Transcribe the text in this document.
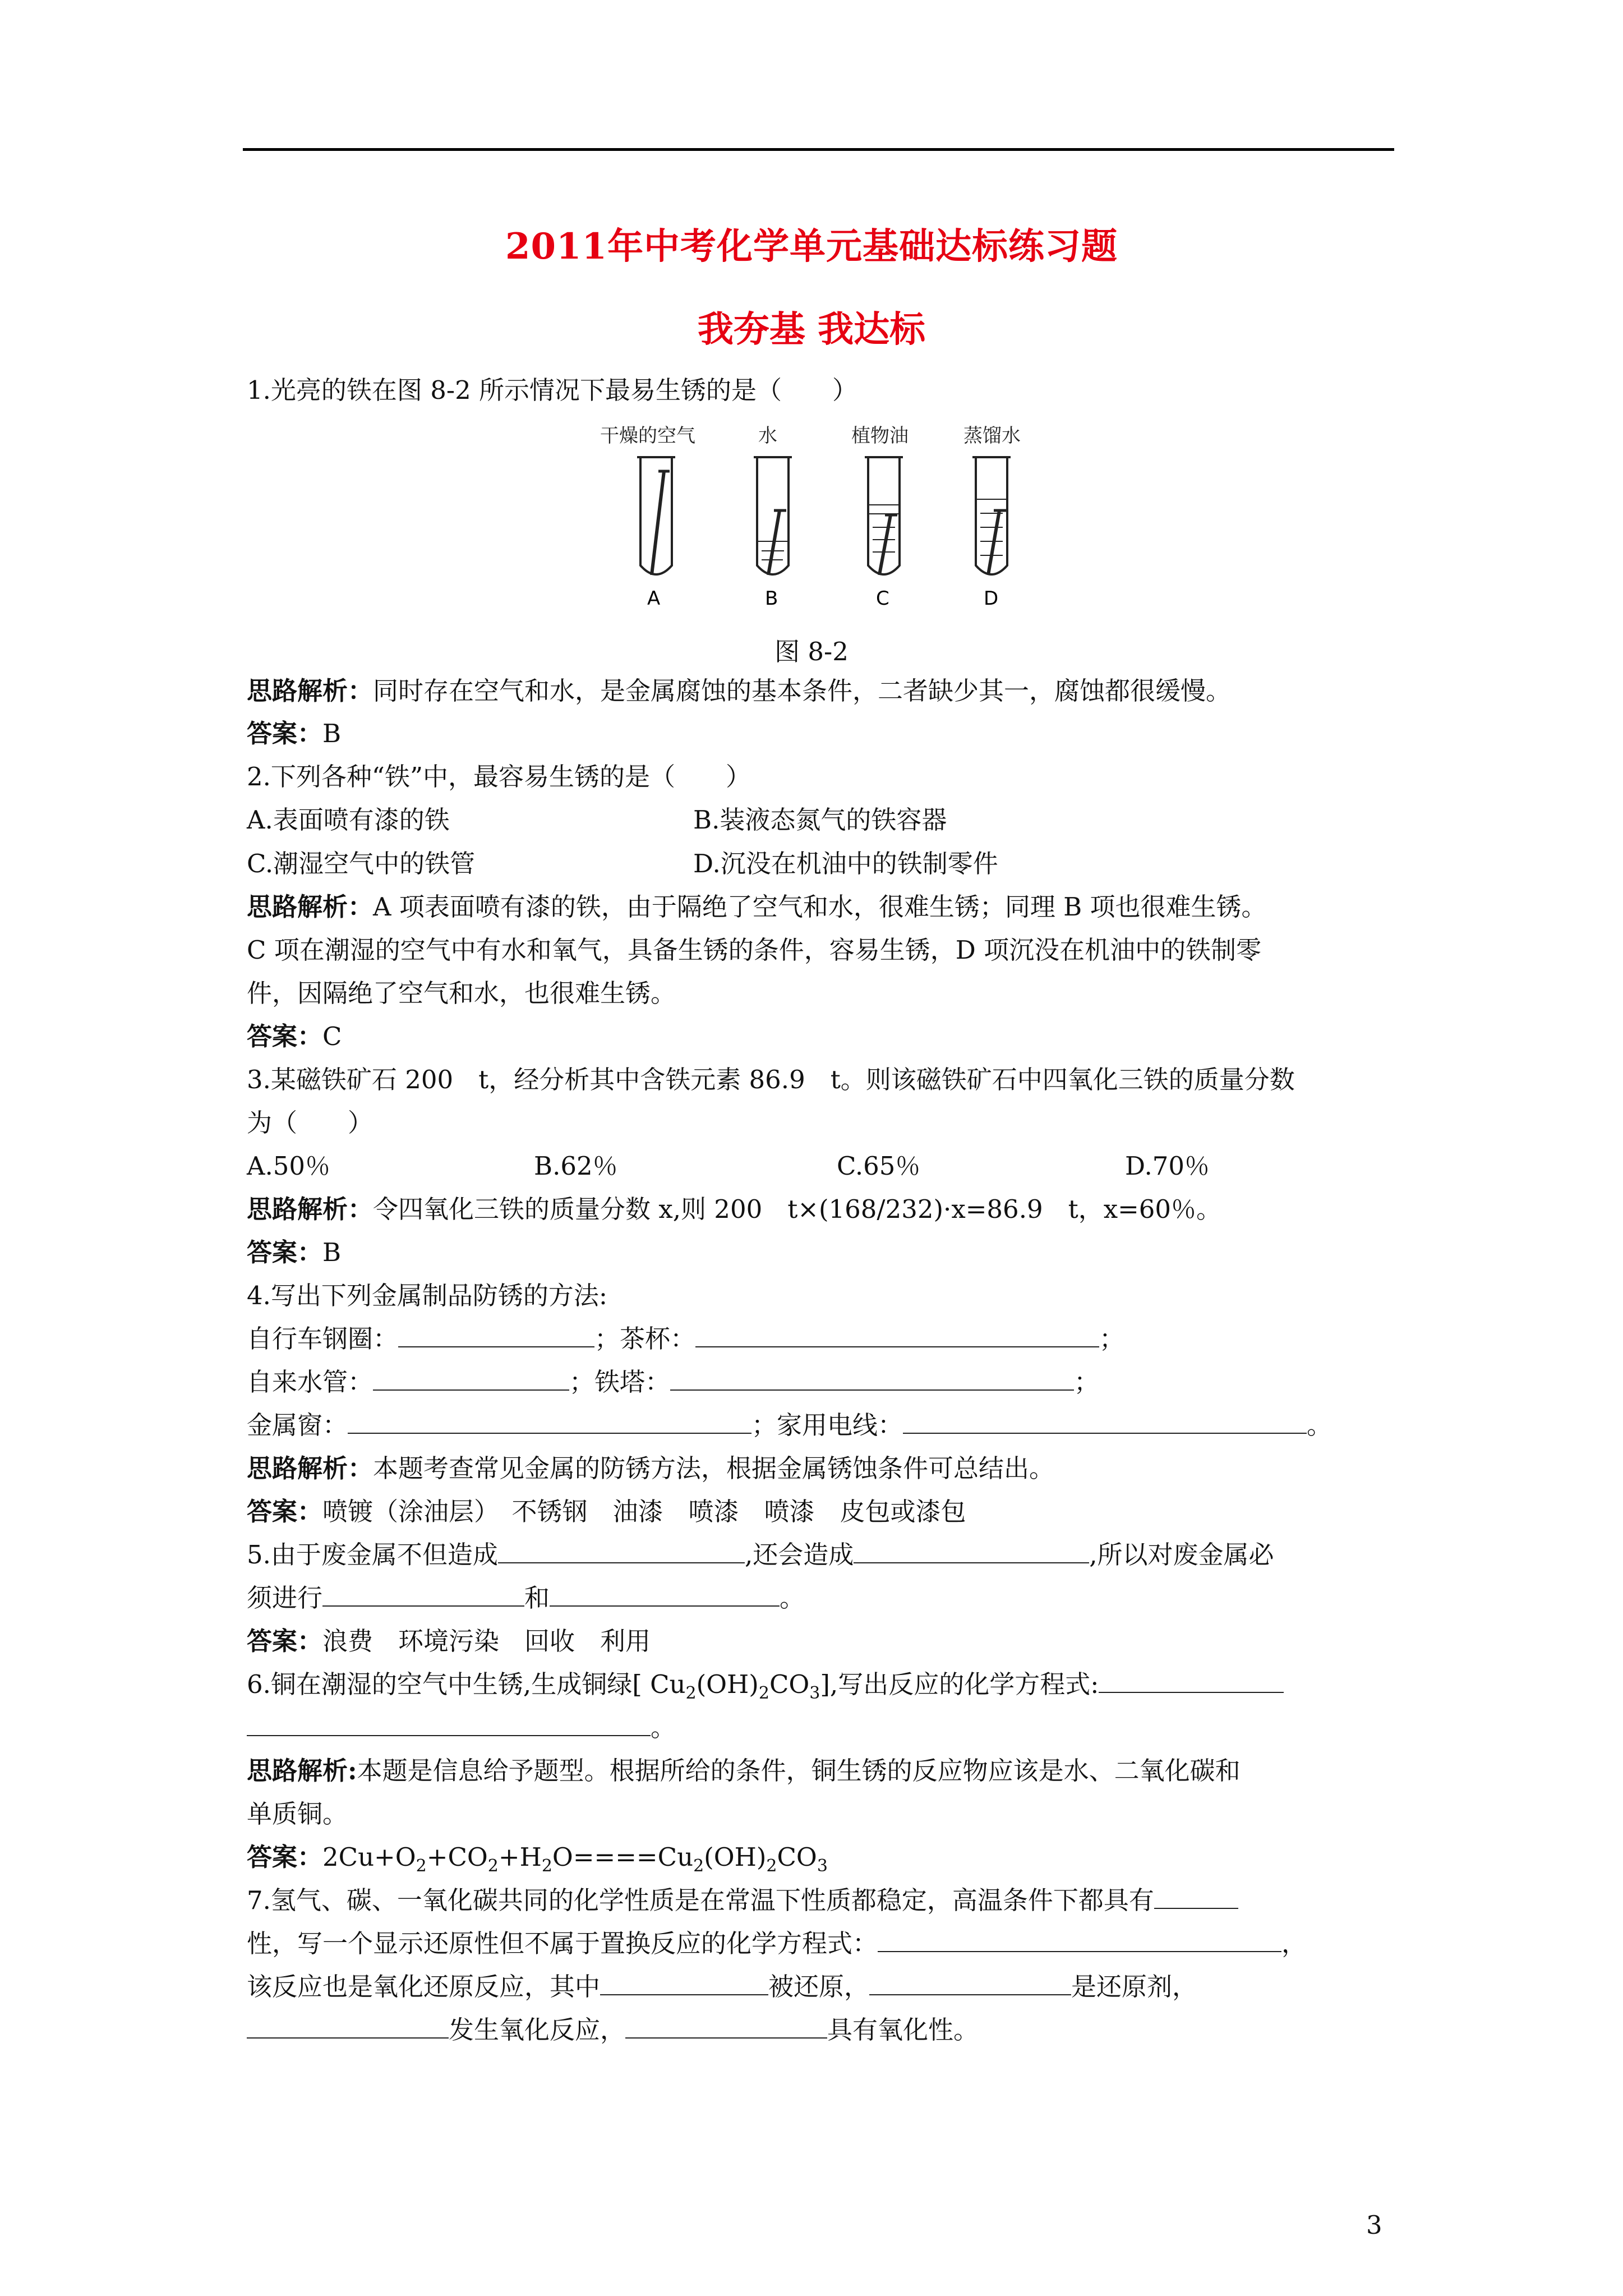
2011年中考化学单元基础达标练习题
我夯基 我达标
1.光亮的铁在图 8-2 所示情况下最易生锈的是（　　）
干燥的空气	水	植物油	蒸馏水
A	B	C	D
图 8-2
思路解析：同时存在空气和水，是金属腐蚀的基本条件，二者缺少其一，腐蚀都很缓慢。
答案：B
2.下列各种“铁”中，最容易生锈的是（　　）
A.表面喷有漆的铁	B.装液态氮气的铁容器
C.潮湿空气中的铁管	D.沉没在机油中的铁制零件
思路解析：A 项表面喷有漆的铁，由于隔绝了空气和水，很难生锈；同理 B 项也很难生锈。
C 项在潮湿的空气中有水和氧气，具备生锈的条件，容易生锈，D 项沉没在机油中的铁制零
件，因隔绝了空气和水，也很难生锈。
答案：C
3.某磁铁矿石 200　t，经分析其中含铁元素 86.9　t。则该磁铁矿石中四氧化三铁的质量分数
为（　　）
A.50％	B.62％	C.65％	D.70％
思路解析：令四氧化三铁的质量分数 x,则 200　t×(168/232)·x=86.9　t，x=60％。
答案：B
4.写出下列金属制品防锈的方法:
自行车钢圈：	；茶杯：	；
自来水管：	；铁塔：	；
金属窗：	；家用电线：	。
思路解析：本题考查常见金属的防锈方法，根据金属锈蚀条件可总结出。
答案：喷镀（涂油层）　不锈钢　油漆　喷漆　喷漆　皮包或漆包
5.由于废金属不但造成	,还会造成	,所以对废金属必
须进行	和	。
答案：浪费　环境污染　回收　利用
6.铜在潮湿的空气中生锈,生成铜绿[ $Cu_2(OH)_2CO_3$],写出反应的化学方程式:
。
思路解析:本题是信息给予题型。根据所给的条件，铜生锈的反应物应该是水、二氧化碳和
单质铜。
答案：$2Cu+O_2+CO_2+H_2O====Cu_2(OH)_2CO_3$
7.氢气、碳、一氧化碳共同的化学性质是在常温下性质都稳定，高温条件下都具有
性，写一个显示还原性但不属于置换反应的化学方程式：	，
该反应也是氧化还原反应，其中	被还原，	是还原剂，
发生氧化反应，	具有氧化性。
3
